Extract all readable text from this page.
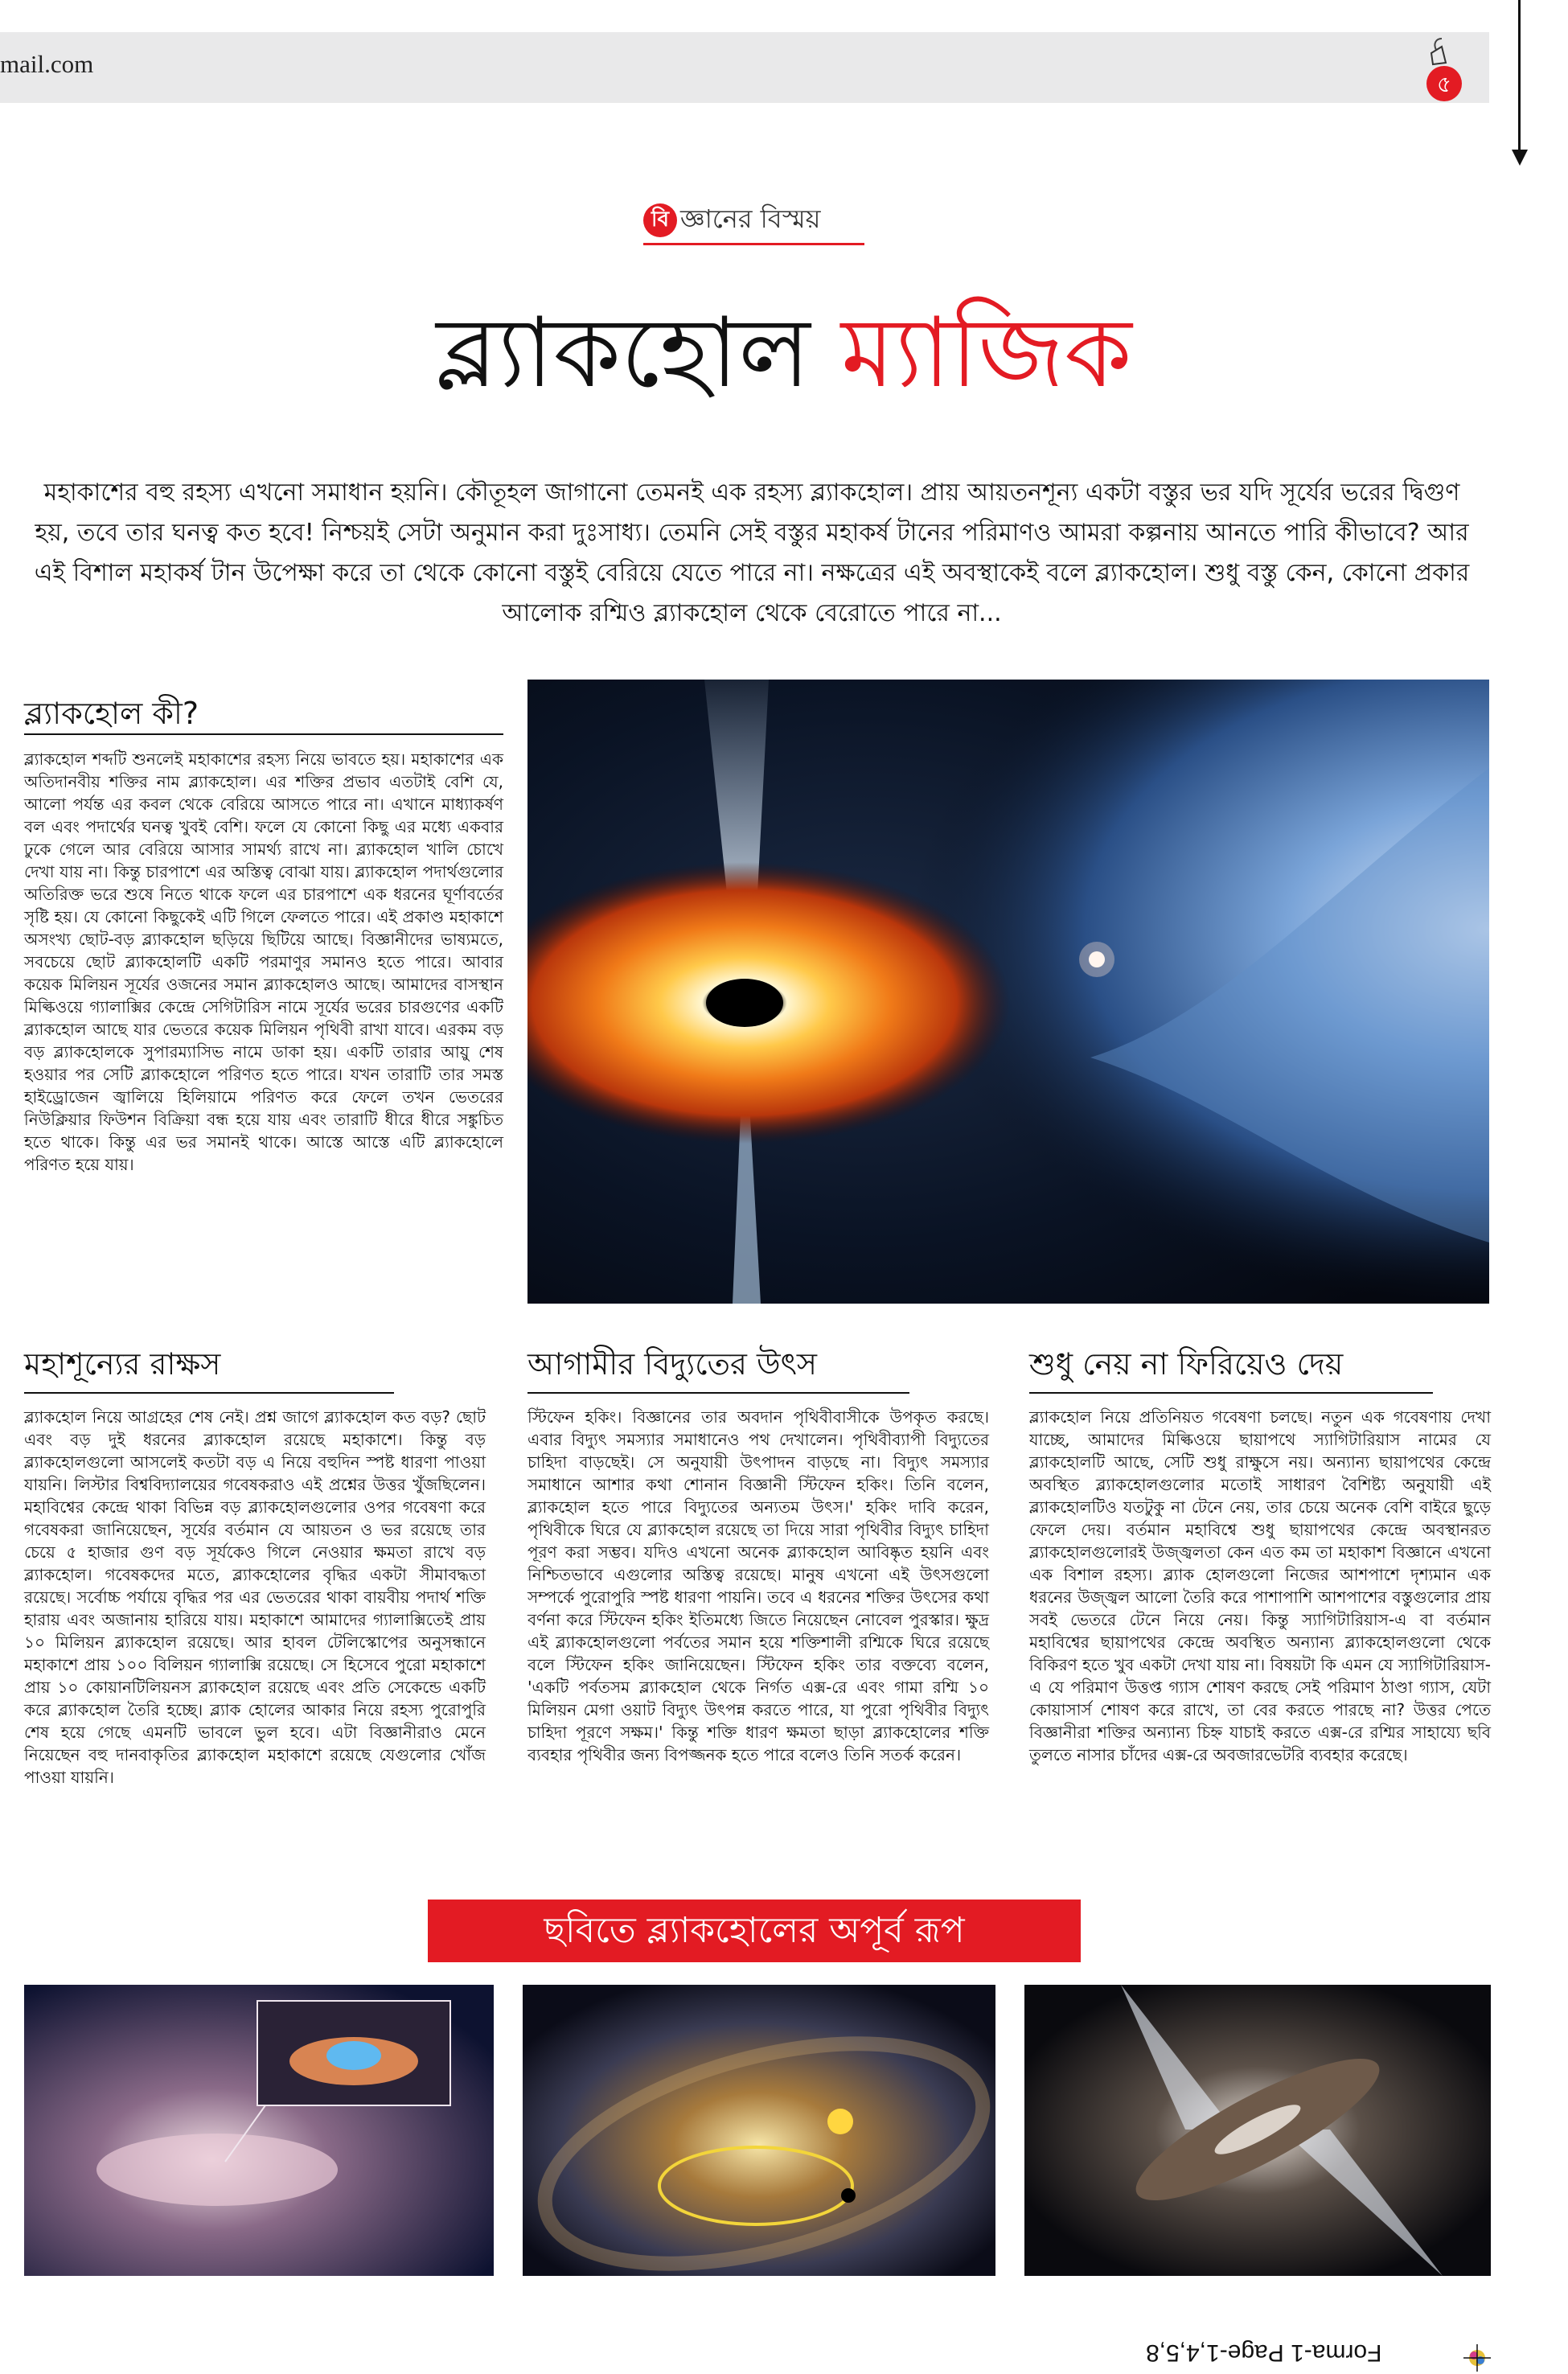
mail.com
৫
বি জ্ঞানের বিস্ময়
ব্ল্যাকহোল ম্যাজিক
মহাকাশের বহু রহস্য এখনো সমাধান হয়নি। কৌতূহল জাগানো তেমনই এক রহস্য ব্ল্যাকহোল। প্রায় আয়তনশূন্য একটা বস্তুর ভর যদি সূর্যের ভরের দ্বিগুণ হয়, তবে তার ঘনত্ব কত হবে! নিশ্চয়ই সেটা অনুমান করা দুঃসাধ্য। তেমনি সেই বস্তুর মহাকর্ষ টানের পরিমাণও আমরা কল্পনায় আনতে পারি কীভাবে? আর এই বিশাল মহাকর্ষ টান উপেক্ষা করে তা থেকে কোনো বস্তুই বেরিয়ে যেতে পারে না। নক্ষত্রের এই অবস্থাকেই বলে ব্ল্যাকহোল। শুধু বস্তু কেন, কোনো প্রকার আলোক রশ্মিও ব্ল্যাকহোল থেকে বেরোতে পারে না...
ব্ল্যাকহোল কী?
ব্ল্যাকহোল শব্দটি শুনলেই মহাকাশের রহস্য নিয়ে ভাবতে হয়। মহাকাশের এক অতিদানবীয় শক্তির নাম ব্ল্যাকহোল। এর শক্তির প্রভাব এতটাই বেশি যে, আলো পর্যন্ত এর কবল থেকে বেরিয়ে আসতে পারে না। এখানে মাধ্যাকর্ষণ বল এবং পদার্থের ঘনত্ব খুবই বেশি। ফলে যে কোনো কিছু এর মধ্যে একবার ঢুকে গেলে আর বেরিয়ে আসার সামর্থ্য রাখে না। ব্ল্যাকহোল খালি চোখে দেখা যায় না। কিন্তু চারপাশে এর অস্তিত্ব বোঝা যায়। ব্ল্যাকহোল পদার্থগুলোর অতিরিক্ত ভরে শুষে নিতে থাকে ফলে এর চারপাশে এক ধরনের ঘূর্ণাবর্তের সৃষ্টি হয়। যে কোনো কিছুকেই এটি গিলে ফেলতে পারে। এই প্রকাণ্ড মহাকাশে অসংখ্য ছোট-বড় ব্ল্যাকহোল ছড়িয়ে ছিটিয়ে আছে। বিজ্ঞানীদের ভাষ্যমতে, সবচেয়ে ছোট ব্ল্যাকহোলটি একটি পরমাণুর সমানও হতে পারে। আবার কয়েক মিলিয়ন সূর্যের ওজনের সমান ব্ল্যাকহোলও আছে। আমাদের বাসস্থান মিল্কিওয়ে গ্যালাক্সির কেন্দ্রে সেগিটারিস নামে সূর্যের ভরের চারগুণের একটি ব্ল্যাকহোল আছে যার ভেতরে কয়েক মিলিয়ন পৃথিবী রাখা যাবে। এরকম বড় বড় ব্ল্যাকহোলকে সুপারম্যাসিভ নামে ডাকা হয়। একটি তারার আয়ু শেষ হওয়ার পর সেটি ব্ল্যাকহোলে পরিণত হতে পারে। যখন তারাটি তার সমস্ত হাইড্রোজেন জ্বালিয়ে হিলিয়ামে পরিণত করে ফেলে তখন ভেতরের নিউক্লিয়ার ফিউশন বিক্রিয়া বন্ধ হয়ে যায় এবং তারাটি ধীরে ধীরে সঙ্কুচিত হতে থাকে। কিন্তু এর ভর সমানই থাকে। আস্তে আস্তে এটি ব্ল্যাকহোলে পরিণত হয়ে যায়।
মহাশূন্যের রাক্ষস
ব্ল্যাকহোল নিয়ে আগ্রহের শেষ নেই। প্রশ্ন জাগে ব্ল্যাকহোল কত বড়? ছোট এবং বড় দুই ধরনের ব্ল্যাকহোল রয়েছে মহাকাশে। কিন্তু বড় ব্ল্যাকহোলগুলো আসলেই কতটা বড় এ নিয়ে বহুদিন স্পষ্ট ধারণা পাওয়া যায়নি। লিস্টার বিশ্ববিদ্যালয়ের গবেষকরাও এই প্রশ্নের উত্তর খুঁজছিলেন। মহাবিশ্বের কেন্দ্রে থাকা বিভিন্ন বড় ব্ল্যাকহোলগুলোর ওপর গবেষণা করে গবেষকরা জানিয়েছেন, সূর্যের বর্তমান যে আয়তন ও ভর রয়েছে তার চেয়ে ৫ হাজার গুণ বড় সূর্যকেও গিলে নেওয়ার ক্ষমতা রাখে বড় ব্ল্যাকহোল। গবেষকদের মতে, ব্ল্যাকহোলের বৃদ্ধির একটা সীমাবদ্ধতা রয়েছে। সর্বোচ্চ পর্যায়ে বৃদ্ধির পর এর ভেতরের থাকা বায়বীয় পদার্থ শক্তি হারায় এবং অজানায় হারিয়ে যায়। মহাকাশে আমাদের গ্যালাক্সিতেই প্রায় ১০ মিলিয়ন ব্ল্যাকহোল রয়েছে। আর হাবল টেলিস্কোপের অনুসন্ধানে মহাকাশে প্রায় ১০০ বিলিয়ন গ্যালাক্সি রয়েছে। সে হিসেবে পুরো মহাকাশে প্রায় ১০ কোয়ানটিলিয়নস ব্ল্যাকহোল রয়েছে এবং প্রতি সেকেন্ডে একটি করে ব্ল্যাকহোল তৈরি হচ্ছে। ব্ল্যাক হোলের আকার নিয়ে রহস্য পুরোপুরি শেষ হয়ে গেছে এমনটি ভাবলে ভুল হবে। এটা বিজ্ঞানীরাও মেনে নিয়েছেন বহু দানবাকৃতির ব্ল্যাকহোল মহাকাশে রয়েছে যেগুলোর খোঁজ পাওয়া যায়নি।
আগামীর বিদ্যুতের উৎস
স্টিফেন হকিং। বিজ্ঞানের তার অবদান পৃথিবীবাসীকে উপকৃত করছে। এবার বিদ্যুৎ সমস্যার সমাধানেও পথ দেখালেন। পৃথিবীব্যাপী বিদ্যুতের চাহিদা বাড়ছেই। সে অনুযায়ী উৎপাদন বাড়ছে না। বিদ্যুৎ সমস্যার সমাধানে আশার কথা শোনান বিজ্ঞানী স্টিফেন হকিং। তিনি বলেন, ব্ল্যাকহোল হতে পারে বিদ্যুতের অন্যতম উৎস।' হকিং দাবি করেন, পৃথিবীকে ঘিরে যে ব্ল্যাকহোল রয়েছে তা দিয়ে সারা পৃথিবীর বিদ্যুৎ চাহিদা পূরণ করা সম্ভব। যদিও এখনো অনেক ব্ল্যাকহোল আবিষ্কৃত হয়নি এবং নিশ্চিতভাবে এগুলোর অস্তিত্ব রয়েছে। মানুষ এখনো এই উৎসগুলো সম্পর্কে পুরোপুরি স্পষ্ট ধারণা পায়নি। তবে এ ধরনের শক্তির উৎসের কথা বর্ণনা করে স্টিফেন হকিং ইতিমধ্যে জিতে নিয়েছেন নোবেল পুরস্কার। ক্ষুদ্র এই ব্ল্যাকহোলগুলো পর্বতের সমান হয়ে শক্তিশালী রশ্মিকে ঘিরে রয়েছে বলে স্টিফেন হকিং জানিয়েছেন। স্টিফেন হকিং তার বক্তব্যে বলেন, 'একটি পর্বতসম ব্ল্যাকহোল থেকে নির্গত এক্স-রে এবং গামা রশ্মি ১০ মিলিয়ন মেগা ওয়াট বিদ্যুৎ উৎপন্ন করতে পারে, যা পুরো পৃথিবীর বিদ্যুৎ চাহিদা পূরণে সক্ষম।' কিন্তু শক্তি ধারণ ক্ষমতা ছাড়া ব্ল্যাকহোলের শক্তি ব্যবহার পৃথিবীর জন্য বিপজ্জনক হতে পারে বলেও তিনি সতর্ক করেন।
শুধু নেয় না ফিরিয়েও দেয়
ব্ল্যাকহোল নিয়ে প্রতিনিয়ত গবেষণা চলছে। নতুন এক গবেষণায় দেখা যাচ্ছে, আমাদের মিল্কিওয়ে ছায়াপথে স্যাগিটারিয়াস নামের যে ব্ল্যাকহোলটি আছে, সেটি শুধু রাক্ষুসে নয়। অন্যান্য ছায়াপথের কেন্দ্রে অবস্থিত ব্ল্যাকহোলগুলোর মতোই সাধারণ বৈশিষ্ট্য অনুযায়ী এই ব্ল্যাকহোলটিও যতটুকু না টেনে নেয়, তার চেয়ে অনেক বেশি বাইরে ছুড়ে ফেলে দেয়। বর্তমান মহাবিশ্বে শুধু ছায়াপথের কেন্দ্রে অবস্থানরত ব্ল্যাকহোলগুলোরই উজ্জ্বলতা কেন এত কম তা মহাকাশ বিজ্ঞানে এখনো এক বিশাল রহস্য। ব্ল্যাক হোলগুলো নিজের আশপাশে দৃশ্যমান এক ধরনের উজ্জ্বল আলো তৈরি করে পাশাপাশি আশপাশের বস্তুগুলোর প্রায় সবই ভেতরে টেনে নিয়ে নেয়। কিন্তু স্যাগিটারিয়াস-এ বা বর্তমান মহাবিশ্বের ছায়াপথের কেন্দ্রে অবস্থিত অন্যান্য ব্ল্যাকহোলগুলো থেকে বিকিরণ হতে খুব একটা দেখা যায় না। বিষয়টা কি এমন যে স্যাগিটারিয়াস-এ যে পরিমাণ উত্তপ্ত গ্যাস শোষণ করছে সেই পরিমাণ ঠাণ্ডা গ্যাস, যেটা কোয়াসার্স শোষণ করে রাখে, তা বের করতে পারছে না? উত্তর পেতে বিজ্ঞানীরা শক্তির অন্যান্য চিহ্ন যাচাই করতে এক্স-রে রশ্মির সাহায্যে ছবি তুলতে নাসার চাঁদের এক্স-রে অবজারভেটরি ব্যবহার করেছে।
ছবিতে ব্ল্যাকহোলের অপূর্ব রূপ
Forma-1 Page-1,4,5,8
